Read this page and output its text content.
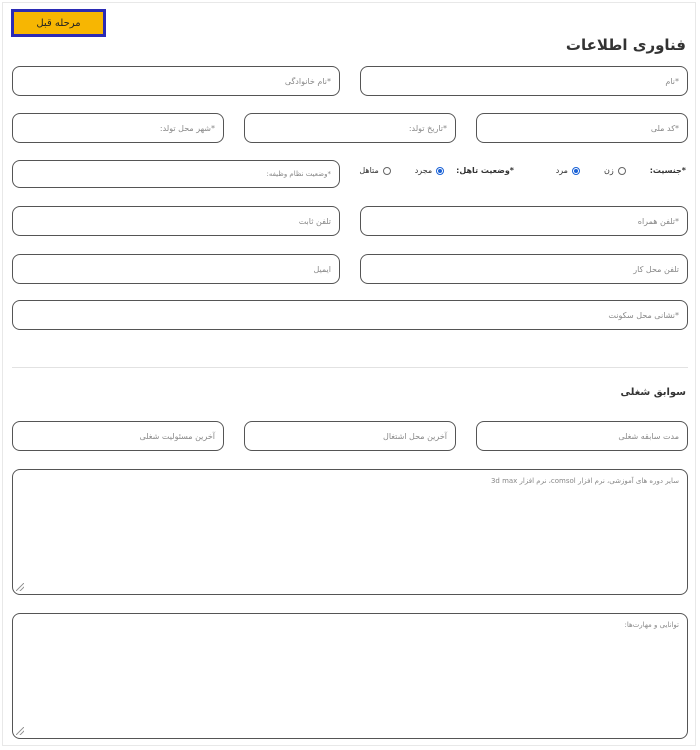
مرحله قبل
فناوری اطلاعات
*نام
*نام خانوادگی
*کد ملی
*تاریخ تولد:
*شهر محل تولد:
*جنسیت:
زن
مرد
*وضعیت تاهل:
مجرد
متاهل
*وضعیت نظام وظیفه:
*تلفن همراه
تلفن ثابت
تلفن محل کار
ایمیل
*نشانی محل سکونت
سوابق شغلی
مدت سابقه شغلی
آخرین محل اشتغال
آخرین مسئولیت شغلی
سایر دوره های آموزشی، نرم افزار comsol، نرم افزار 3d max
توانایی و مهارت‌ها:
